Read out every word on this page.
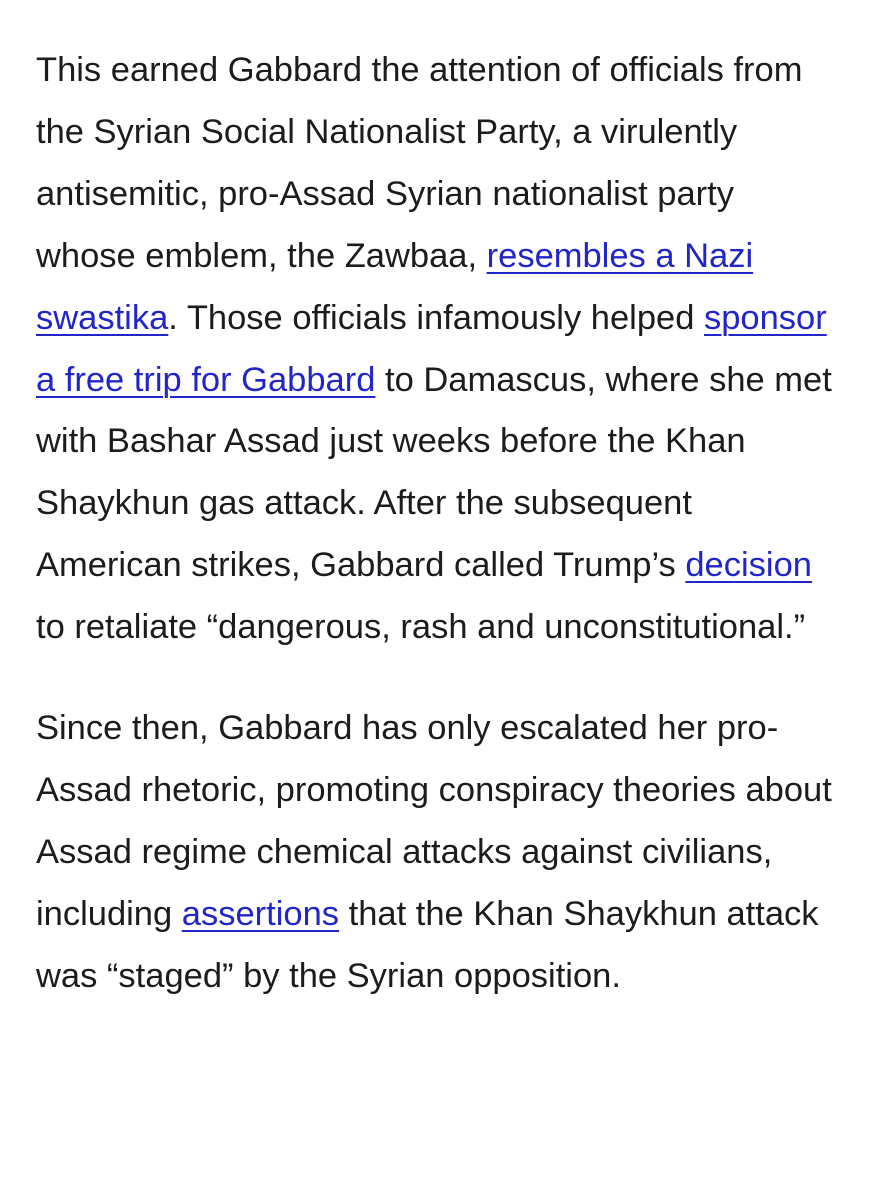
This earned Gabbard the attention of officials from the Syrian Social Nationalist Party, a virulently antisemitic, pro-Assad Syrian nationalist party whose emblem, the Zawbaa, resembles a Nazi swastika. Those officials infamously helped sponsor a free trip for Gabbard to Damascus, where she met with Bashar Assad just weeks before the Khan Shaykhun gas attack. After the subsequent American strikes, Gabbard called Trump’s decision to retaliate “dangerous, rash and unconstitutional.”

Since then, Gabbard has only escalated her pro-Assad rhetoric, promoting conspiracy theories about Assad regime chemical attacks against civilians, including assertions that the Khan Shaykhun attack was “staged” by the Syrian opposition.
